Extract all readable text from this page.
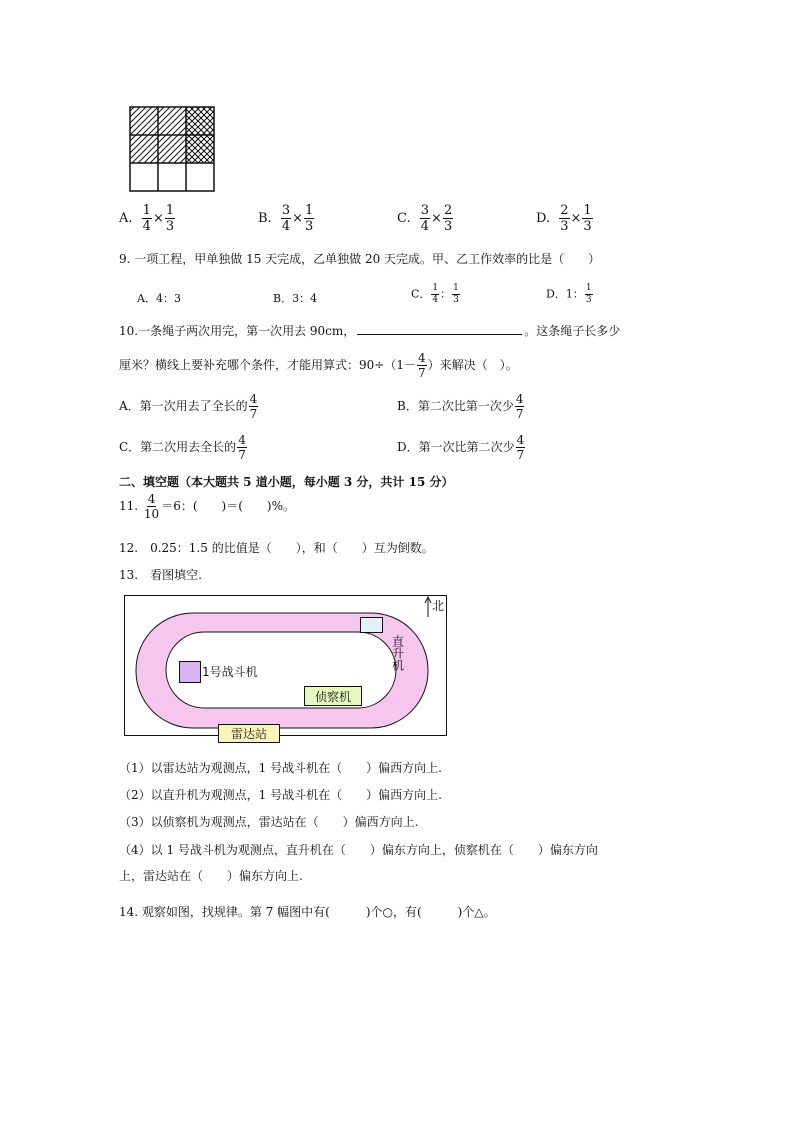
A. $\frac{1}{4} \times \frac{1}{3}$	B. $\frac{3}{4} \times \frac{1}{3}$	C. $\frac{3}{4} \times \frac{2}{3}$	D. $\frac{2}{3} \times \frac{1}{3}$
9. 一项工程，甲单独做 15 天完成，乙单独做 20 天完成。甲、乙工作效率的比是（　　）
A．4：3	B．3：4	C． $\frac{1}{4}$ ： $\frac{1}{3}$	D．1： $\frac{1}{3}$
10.一条绳子两次用完，第一次用去 90cm，	。这条绳子长多少
厘米？横线上要补充哪个条件，才能用算式：$90\div(1- \frac{4}{7}$ ）来解决（　）。
A．第一次用去了全长的 $\frac{4}{7}$	B．第二次比第一次少 $\frac{4}{7}$
C．第二次用去全长的 $\frac{4}{7}$	D．第一次比第二次少 $\frac{4}{7}$
二、填空题（本大题共 5 道小题，每小题 3 分，共计 15 分）
11. $\frac{4}{10} =6$：(　　)＝(　　)%。
12.　0.25：1.5 的比值是（　　），和（　　）互为倒数。
13.　看图填空.
北
直升机
1号战斗机
侦察机
雷达站
（1）以雷达站为观测点，1 号战斗机在（　　）偏西方向上.
（2）以直升机为观测点，1 号战斗机在（　　）偏西方向上.
（3）以侦察机为观测点，雷达站在（　　）偏西方向上.
（4）以 1 号战斗机为观测点，直升机在（　　）偏东方向上，侦察机在（　　）偏东方向
上，雷达站在（　　）偏东方向上.
14. 观察如图，找规律。第 7 幅图中有(　　　)个○，有(　　　)个△。
